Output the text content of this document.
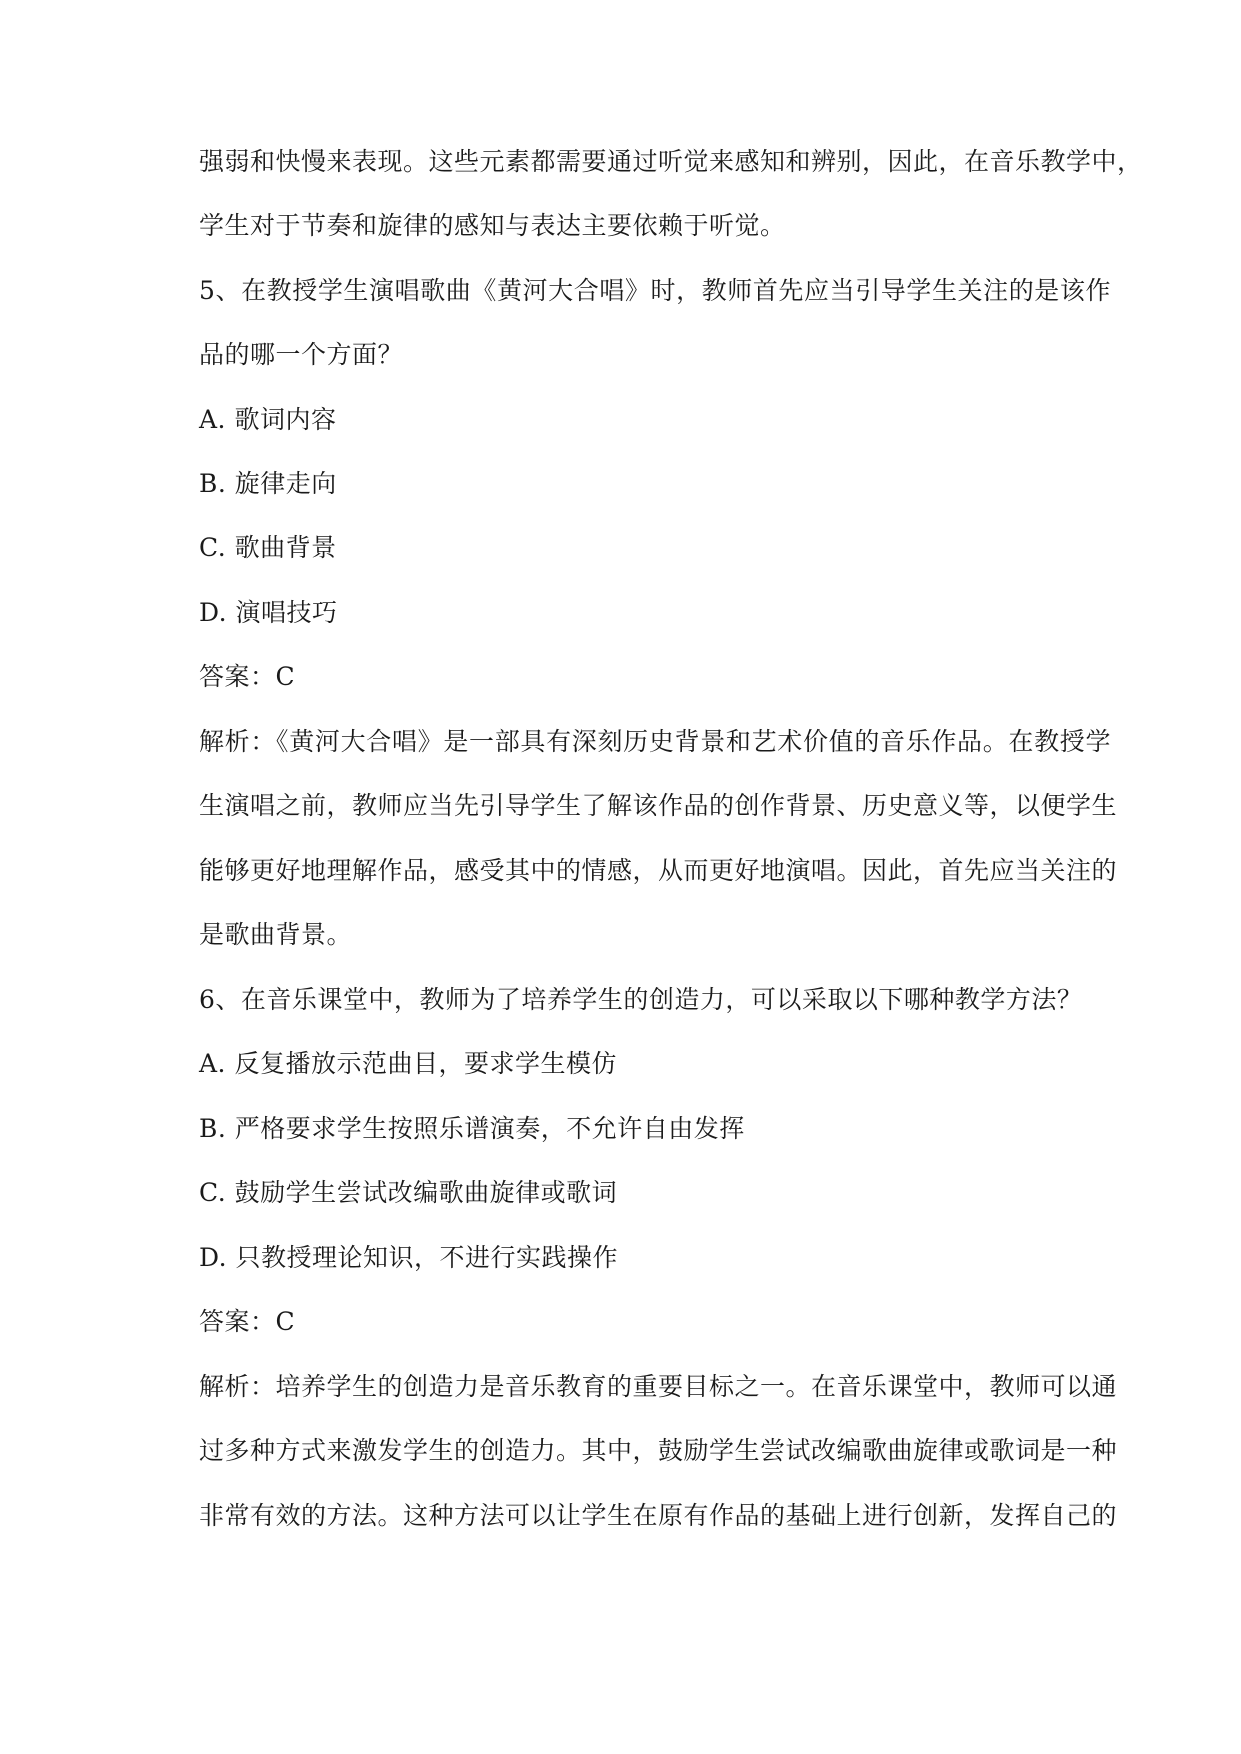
强弱和快慢来表现。这些元素都需要通过听觉来感知和辨别，因此，在音乐教学中，
学生对于节奏和旋律的感知与表达主要依赖于听觉。
5、在教授学生演唱歌曲《黄河大合唱》时，教师首先应当引导学生关注的是该作
品的哪一个方面？
A. 歌词内容
B. 旋律走向
C. 歌曲背景
D. 演唱技巧
答案：C
解析：《黄河大合唱》是一部具有深刻历史背景和艺术价值的音乐作品。在教授学
生演唱之前，教师应当先引导学生了解该作品的创作背景、历史意义等，以便学生
能够更好地理解作品，感受其中的情感，从而更好地演唱。因此，首先应当关注的
是歌曲背景。
6、在音乐课堂中，教师为了培养学生的创造力，可以采取以下哪种教学方法？
A. 反复播放示范曲目，要求学生模仿
B. 严格要求学生按照乐谱演奏，不允许自由发挥
C. 鼓励学生尝试改编歌曲旋律或歌词
D. 只教授理论知识，不进行实践操作
答案：C
解析：培养学生的创造力是音乐教育的重要目标之一。在音乐课堂中，教师可以通
过多种方式来激发学生的创造力。其中，鼓励学生尝试改编歌曲旋律或歌词是一种
非常有效的方法。这种方法可以让学生在原有作品的基础上进行创新，发挥自己的
